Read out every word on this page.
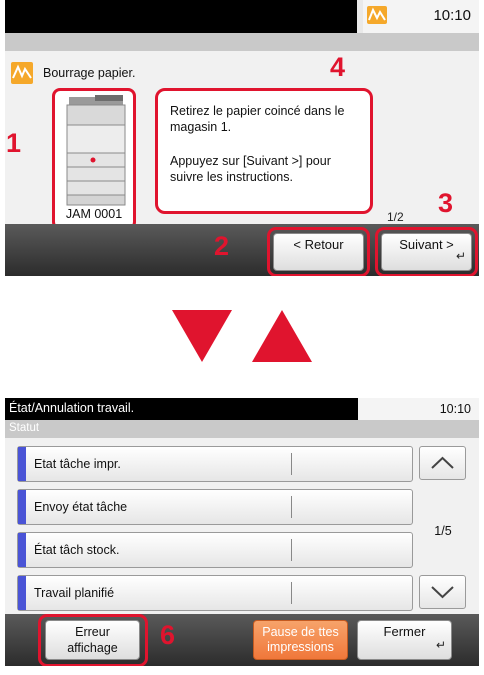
10:10
Bourrage papier.
JAM 0001
Retirez le papier coincé dans le magasin 1.
Appuyez sur [Suivant >] pour suivre les instructions.
1/2
< Retour	Suivant >
↵
1
4
3
2
État/Annulation travail.	10:10
Statut
Etat tâche impr.
Envoy état tâche
État tâch stock.
Travail planifié
1/5
Erreur
affichage
Pause de ttes
impressions
Fermer
↵
6
